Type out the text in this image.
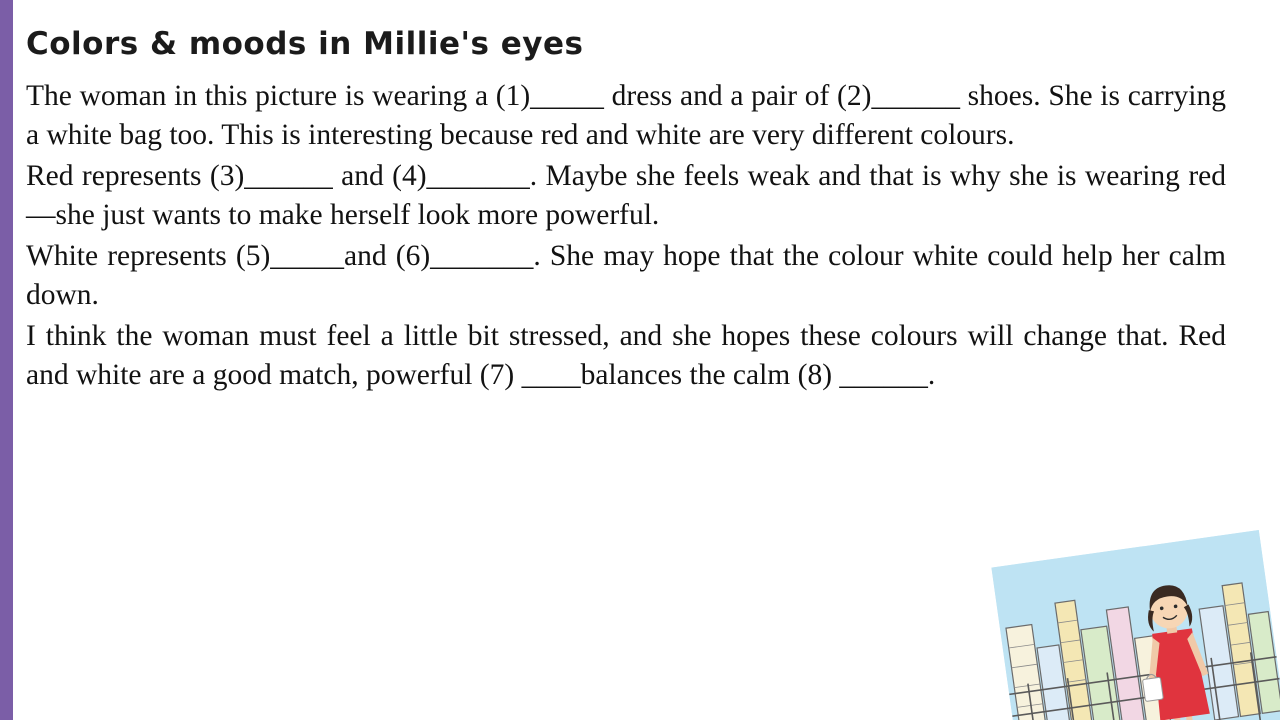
Colors & moods in Millie's eyes

The woman in this picture is wearing a (1)_____ dress and a pair of (2)______ shoes. She is carrying a white bag too. This is interesting because red and white are very different colours.

Red represents (3)______ and (4)_______. Maybe she feels weak and that is why she is wearing red—she just wants to make herself look more powerful.

White represents (5)_____and (6)_______. She may hope that the colour white could help her calm down.

I think the woman must feel a little bit stressed, and she hopes these colours will change that. Red and white are a good match, powerful (7) ____balances the calm (8) ______.
